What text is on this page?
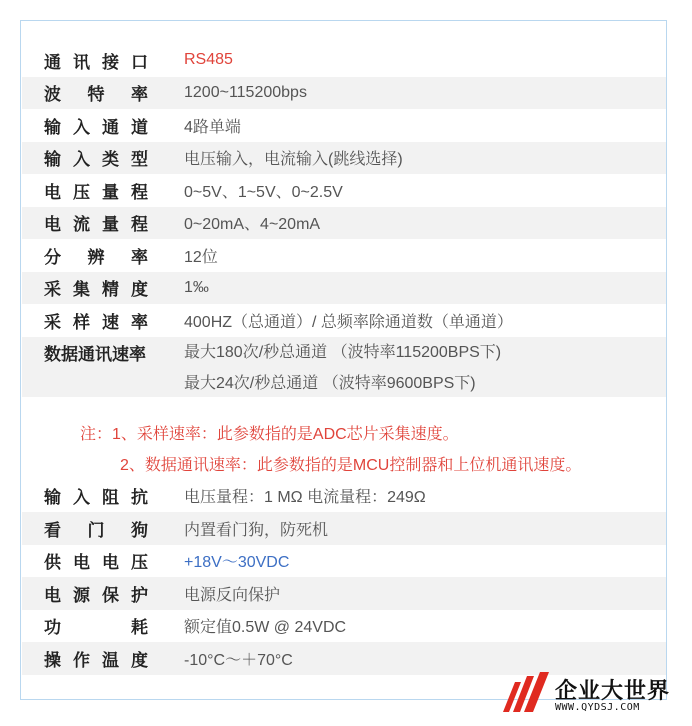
通 讯 接 口 RS485
波 特 率 1200~115200bps
输 入 通 道 4路单端
输 入 类 型 电压输入，电流输入(跳线选择)
电 压 量 程 0~5V、1~5V、0~2.5V
电 流 量 程 0~20mA、4~20mA
分 辨 率 12位
采 集 精 度 1‰
采 样 速 率 400HZ（总通道）/ 总频率除通道数（单通道）
数据通讯速率	最大180次/秒总通道 （波特率115200BPS下)
最大24次/秒总通道 （波特率9600BPS下)
注：1、采样速率：此参数指的是ADC芯片采集速度。
2、数据通讯速率：此参数指的是MCU控制器和上位机通讯速度。
输 入 阻 抗 电压量程：1 MΩ 电流量程：249Ω
看 门 狗 内置看门狗，防死机
供 电 电 压 +18V～30VDC
电 源 保 护 电源反向保护
功	耗 额定值0.5W @ 24VDC
操 作 温 度 -10°C～＋70°C
企业大世界
WWW.QYDSJ.COM
